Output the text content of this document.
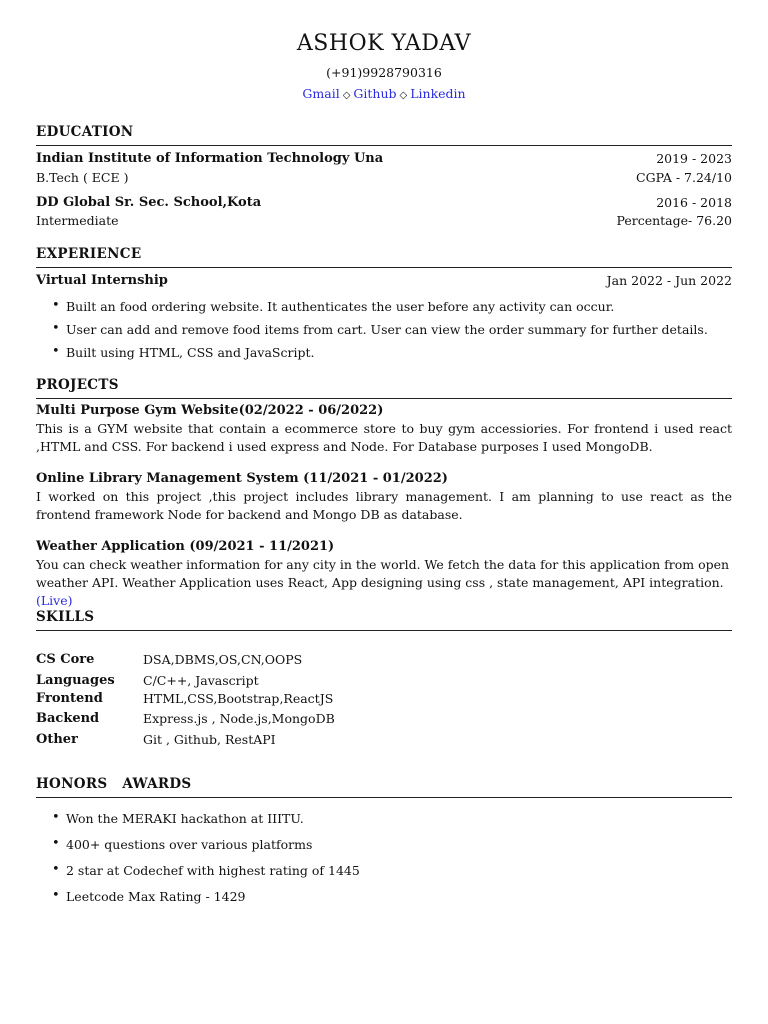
ASHOK YADAV
(+91)9928790316
Gmail ◇ Github ◇ Linkedin
EDUCATION
Indian Institute of Information Technology Una	2019 - 2023
B.Tech ( ECE )	CGPA - 7.24/10
DD Global Sr. Sec. School,Kota	2016 - 2018
Intermediate	Percentage- 76.20
EXPERIENCE
Virtual Internship	Jan 2022 - Jun 2022
• Built an food ordering website. It authenticates the user before any activity can occur.
• User can add and remove food items from cart. User can view the order summary for further details.
• Built using HTML, CSS and JavaScript.
PROJECTS
Multi Purpose Gym Website(02/2022 - 06/2022)
This is a GYM website that contain a ecommerce store to buy gym accessiories. For frontend i used react ,HTML and CSS. For backend i used express and Node. For Database purposes I used MongoDB.
Online Library Management System (11/2021 - 01/2022)
I worked on this project ,this project includes library management. I am planning to use react as the frontend framework Node for backend and Mongo DB as database.
Weather Application (09/2021 - 11/2021)
You can check weather information for any city in the world. We fetch the data for this application from open weather API. Weather Application uses React, App designing using css , state management, API integration. (Live)
SKILLS
CS Core	DSA,DBMS,OS,CN,OOPS
Languages C/C++, Javascript
Frontend	HTML,CSS,Bootstrap,ReactJS
Backend	Express.js , Node.js,MongoDB
Other	Git , Github, RestAPI
HONORS   AWARDS
• Won the MERAKI hackathon at IIITU.
• 400+ questions over various platforms
• 2 star at Codechef with highest rating of 1445
• Leetcode Max Rating - 1429
